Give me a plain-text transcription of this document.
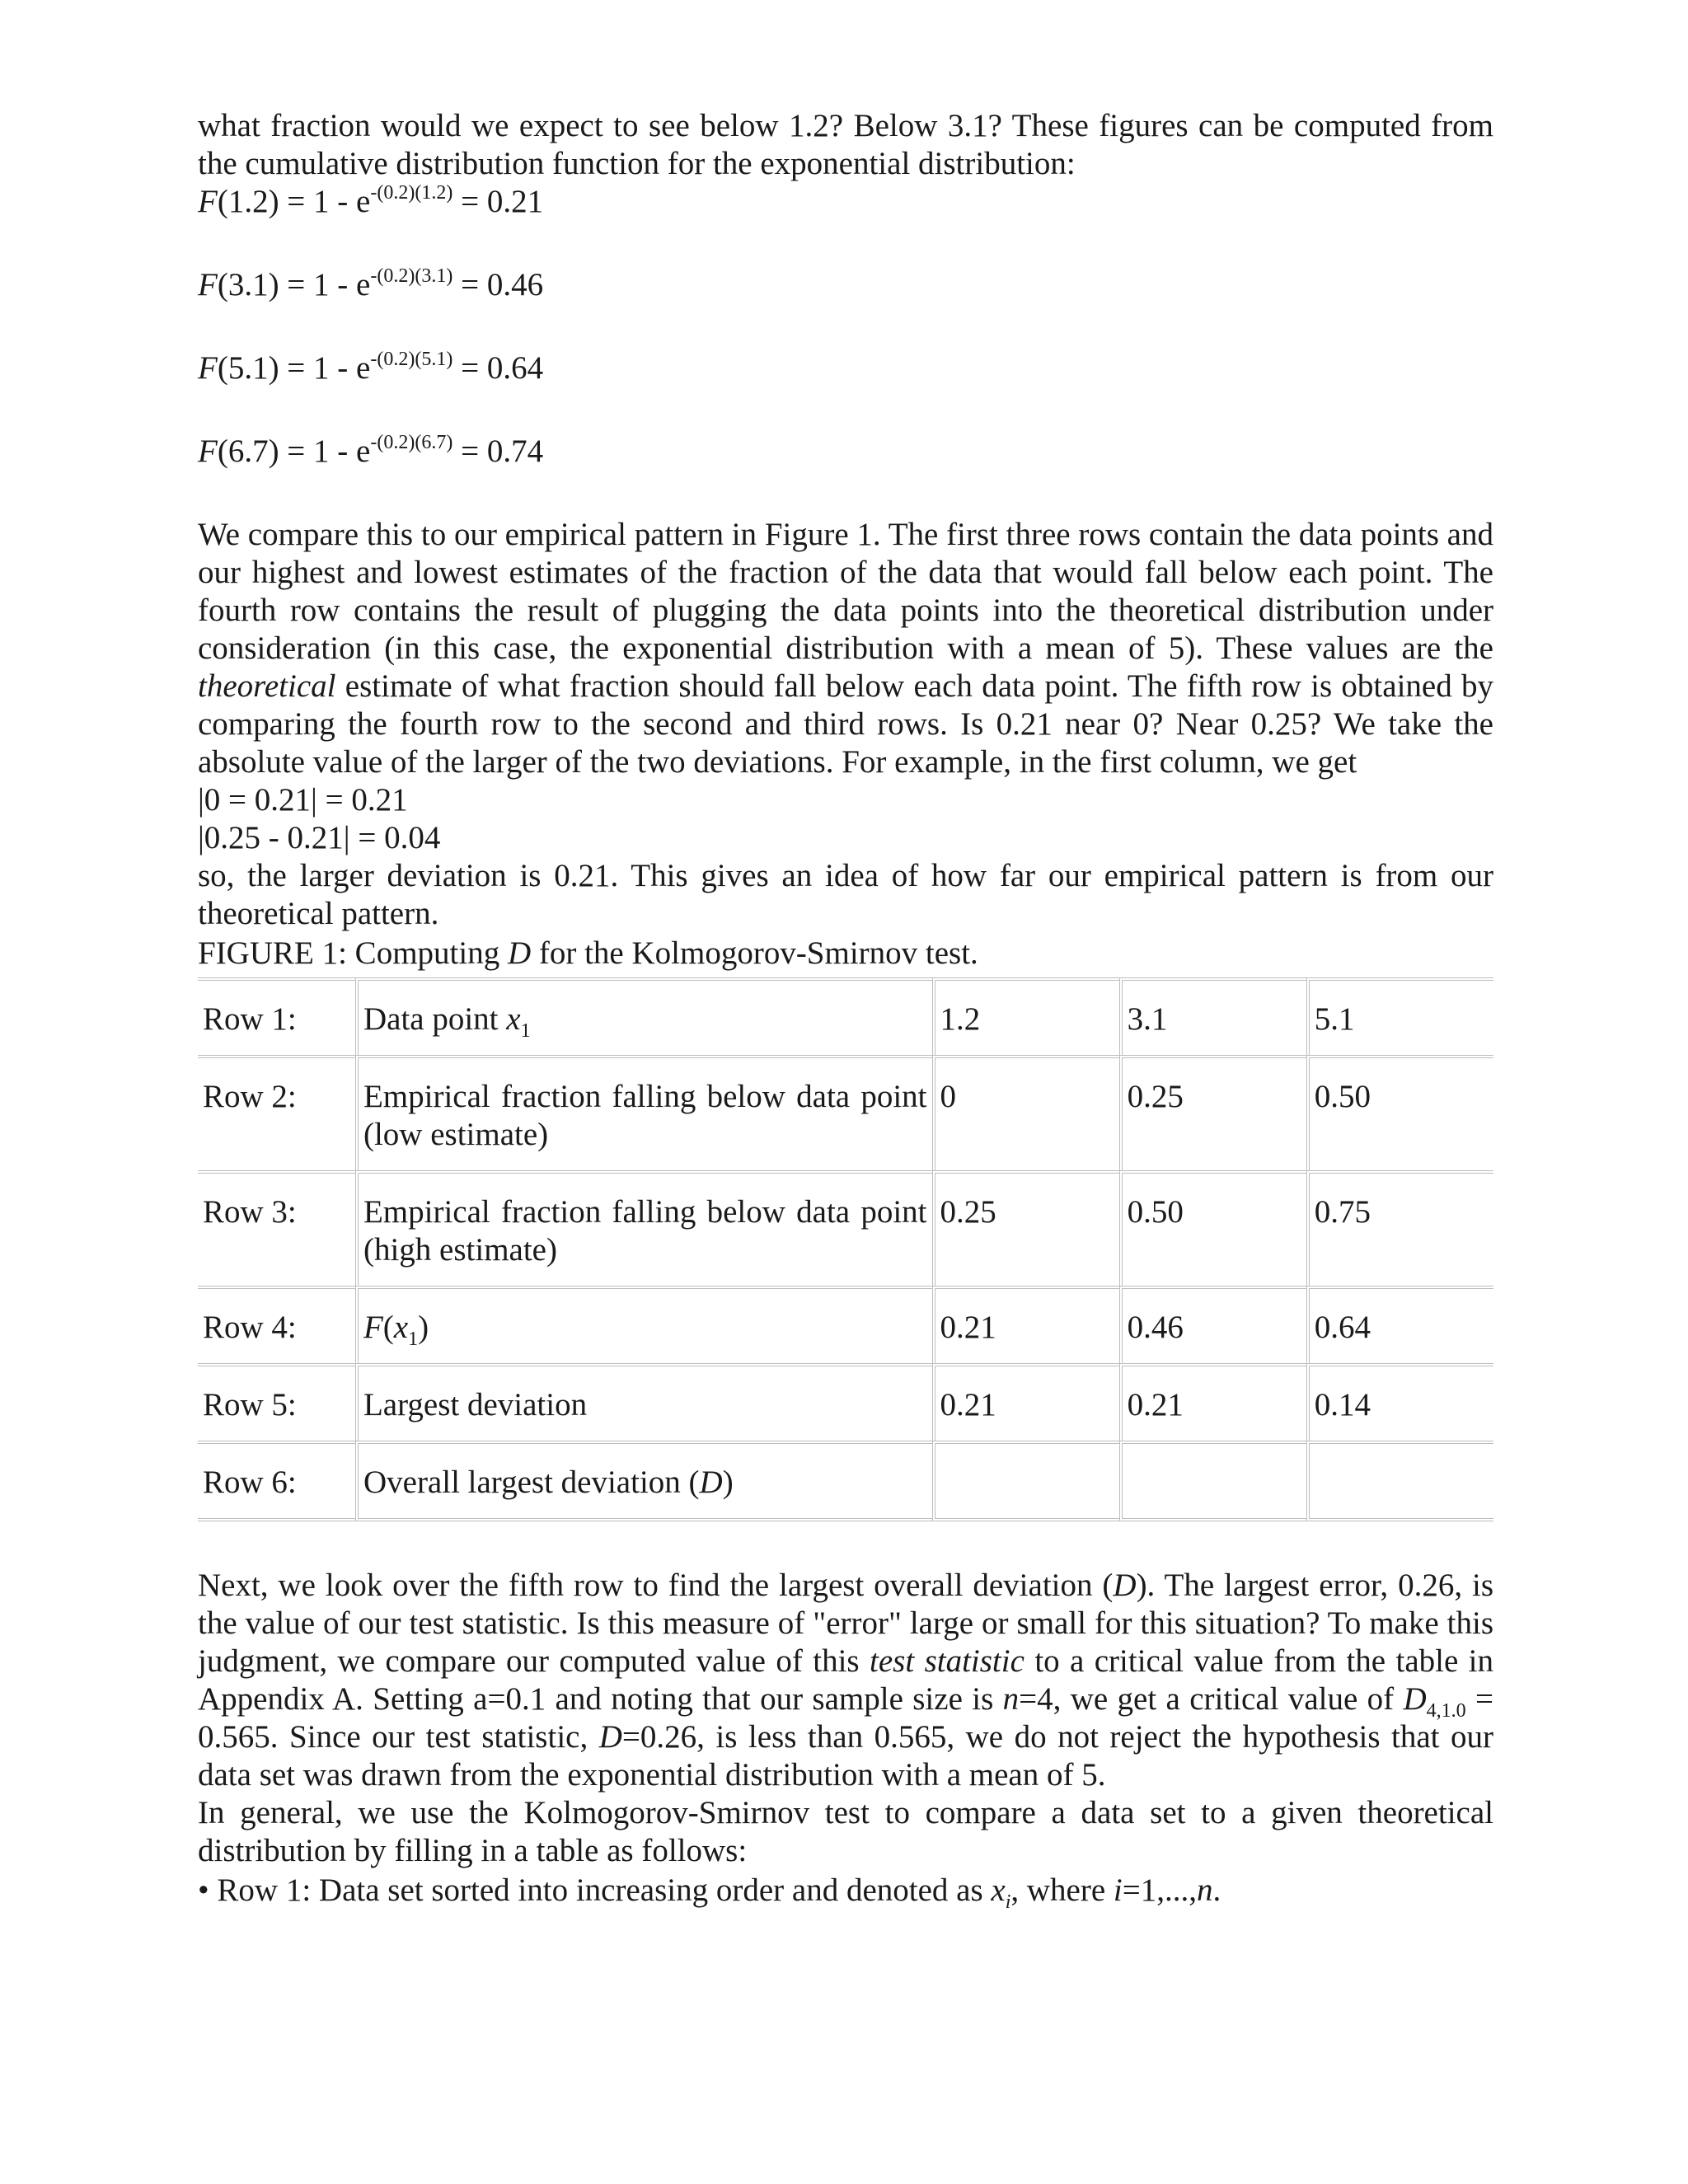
what fraction would we expect to see below 1.2? Below 3.1? These figures can be computed from the cumulative distribution function for the exponential distribution:

$F(1.2) = 1 - e^{-(0.2)(1.2)} = 0.21$

$F(3.1) = 1 - e^{-(0.2)(3.1)} = 0.46$

$F(5.1) = 1 - e^{-(0.2)(5.1)} = 0.64$

$F(6.7) = 1 - e^{-(0.2)(6.7)} = 0.74$

We compare this to our empirical pattern in Figure 1. The first three rows contain the data points and our highest and lowest estimates of the fraction of the data that would fall below each point. The fourth row contains the result of plugging the data points into the theoretical distribution under consideration (in this case, the exponential distribution with a mean of 5). These values are the theoretical estimate of what fraction should fall below each data point. The fifth row is obtained by comparing the fourth row to the second and third rows. Is 0.21 near 0? Near 0.25? We take the absolute value of the larger of the two deviations. For example, in the first column, we get

|0 = 0.21| = 0.21

|0.25 - 0.21| = 0.04

so, the larger deviation is 0.21. This gives an idea of how far our empirical pattern is from our theoretical pattern.

FIGURE 1: Computing D for the Kolmogorov-Smirnov test.

Row 1:	Data point $x_1$	1.2	3.1	5.1
Row 2:	Empirical fraction falling below data point (low estimate)	0	0.25	0.50
Row 3:	Empirical fraction falling below data point (high estimate)	0.25	0.50	0.75
Row 4:	$F(x_1)$	0.21	0.46	0.64
Row 5:	Largest deviation	0.21	0.21	0.14
Row 6:	Overall largest deviation (D)			

Next, we look over the fifth row to find the largest overall deviation (D). The largest error, 0.26, is the value of our test statistic. Is this measure of "error" large or small for this situation? To make this judgment, we compare our computed value of this test statistic to a critical value from the table in Appendix A. Setting a=0.1 and noting that our sample size is n=4, we get a critical value of $D_{4,1.0} = 0.565$. Since our test statistic, D=0.26, is less than 0.565, we do not reject the hypothesis that our data set was drawn from the exponential distribution with a mean of 5.

In general, we use the Kolmogorov-Smirnov test to compare a data set to a given theoretical distribution by filling in a table as follows:

• Row 1: Data set sorted into increasing order and denoted as $x_i$, where i=1,...,n.
